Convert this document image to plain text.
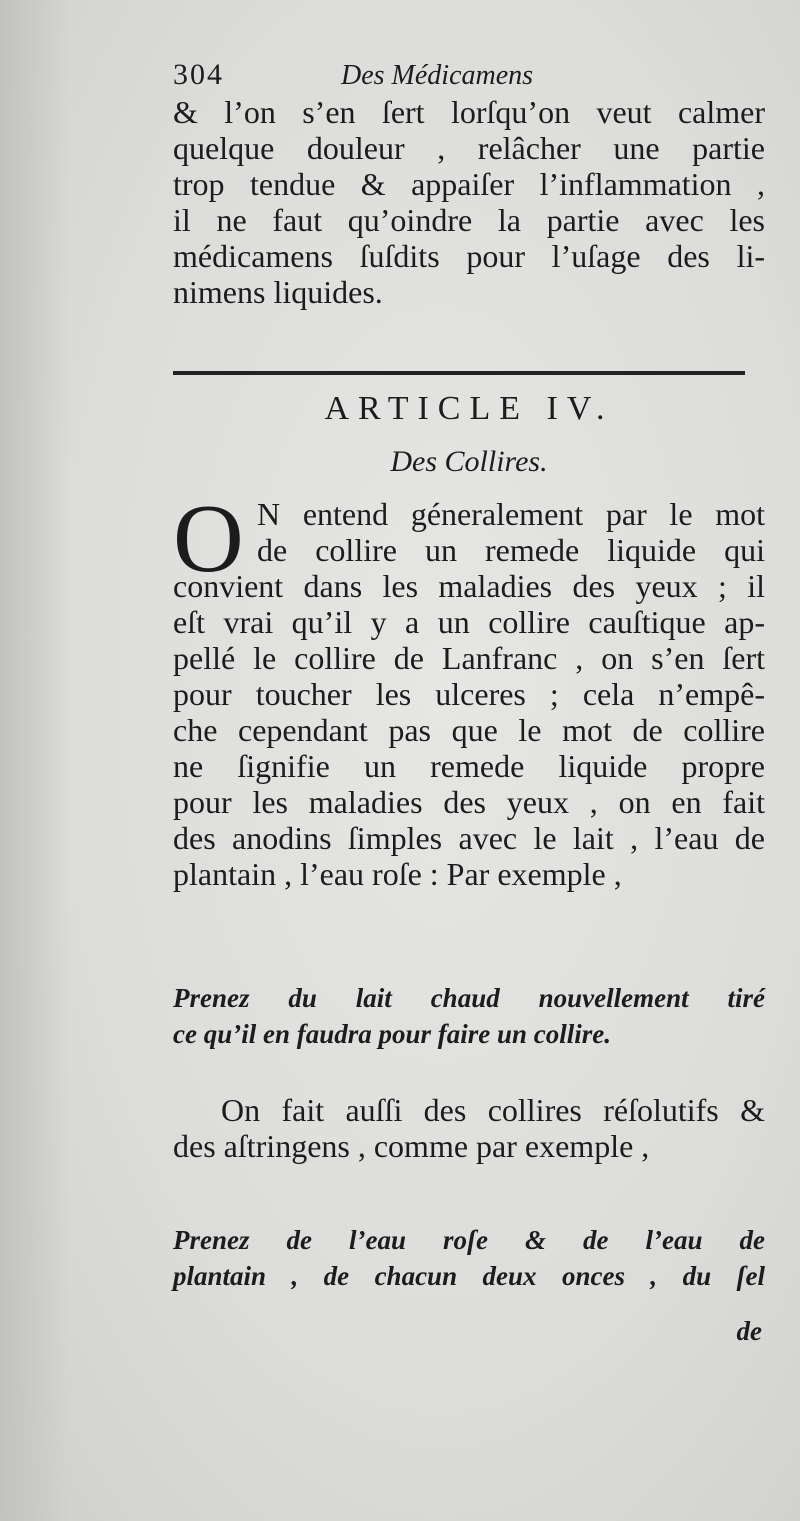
304	Des Médicamens
& l’on s’en ſert lorſqu’on veut calmer
quelque douleur , relâcher une partie
trop tendue & appaiſer l’inflammation ,
il ne faut qu’oindre la partie avec les
médicamens ſuſdits pour l’uſage des li-
nimens liquides.
ARTICLE IV.
Des Collires.
O N entend géneralement par le mot
de collire un remede liquide qui
convient dans les maladies des yeux ; il
eſt vrai qu’il y a un collire cauſtique ap-
pellé le collire de Lanfranc , on s’en ſert
pour toucher les ulceres ; cela n’empê-
che cependant pas que le mot de collire
ne ſignifie un remede liquide propre
pour les maladies des yeux , on en fait
des anodins ſimples avec le lait , l’eau de
plantain , l’eau roſe : Par exemple ,
Prenez du lait chaud nouvellement tiré
ce qu’il en faudra pour faire un collire.
On fait auſſi des collires réſolutifs &
des aſtringens , comme par exemple ,
Prenez de l’eau roſe & de l’eau de
plantain , de chacun deux onces , du ſel
de
